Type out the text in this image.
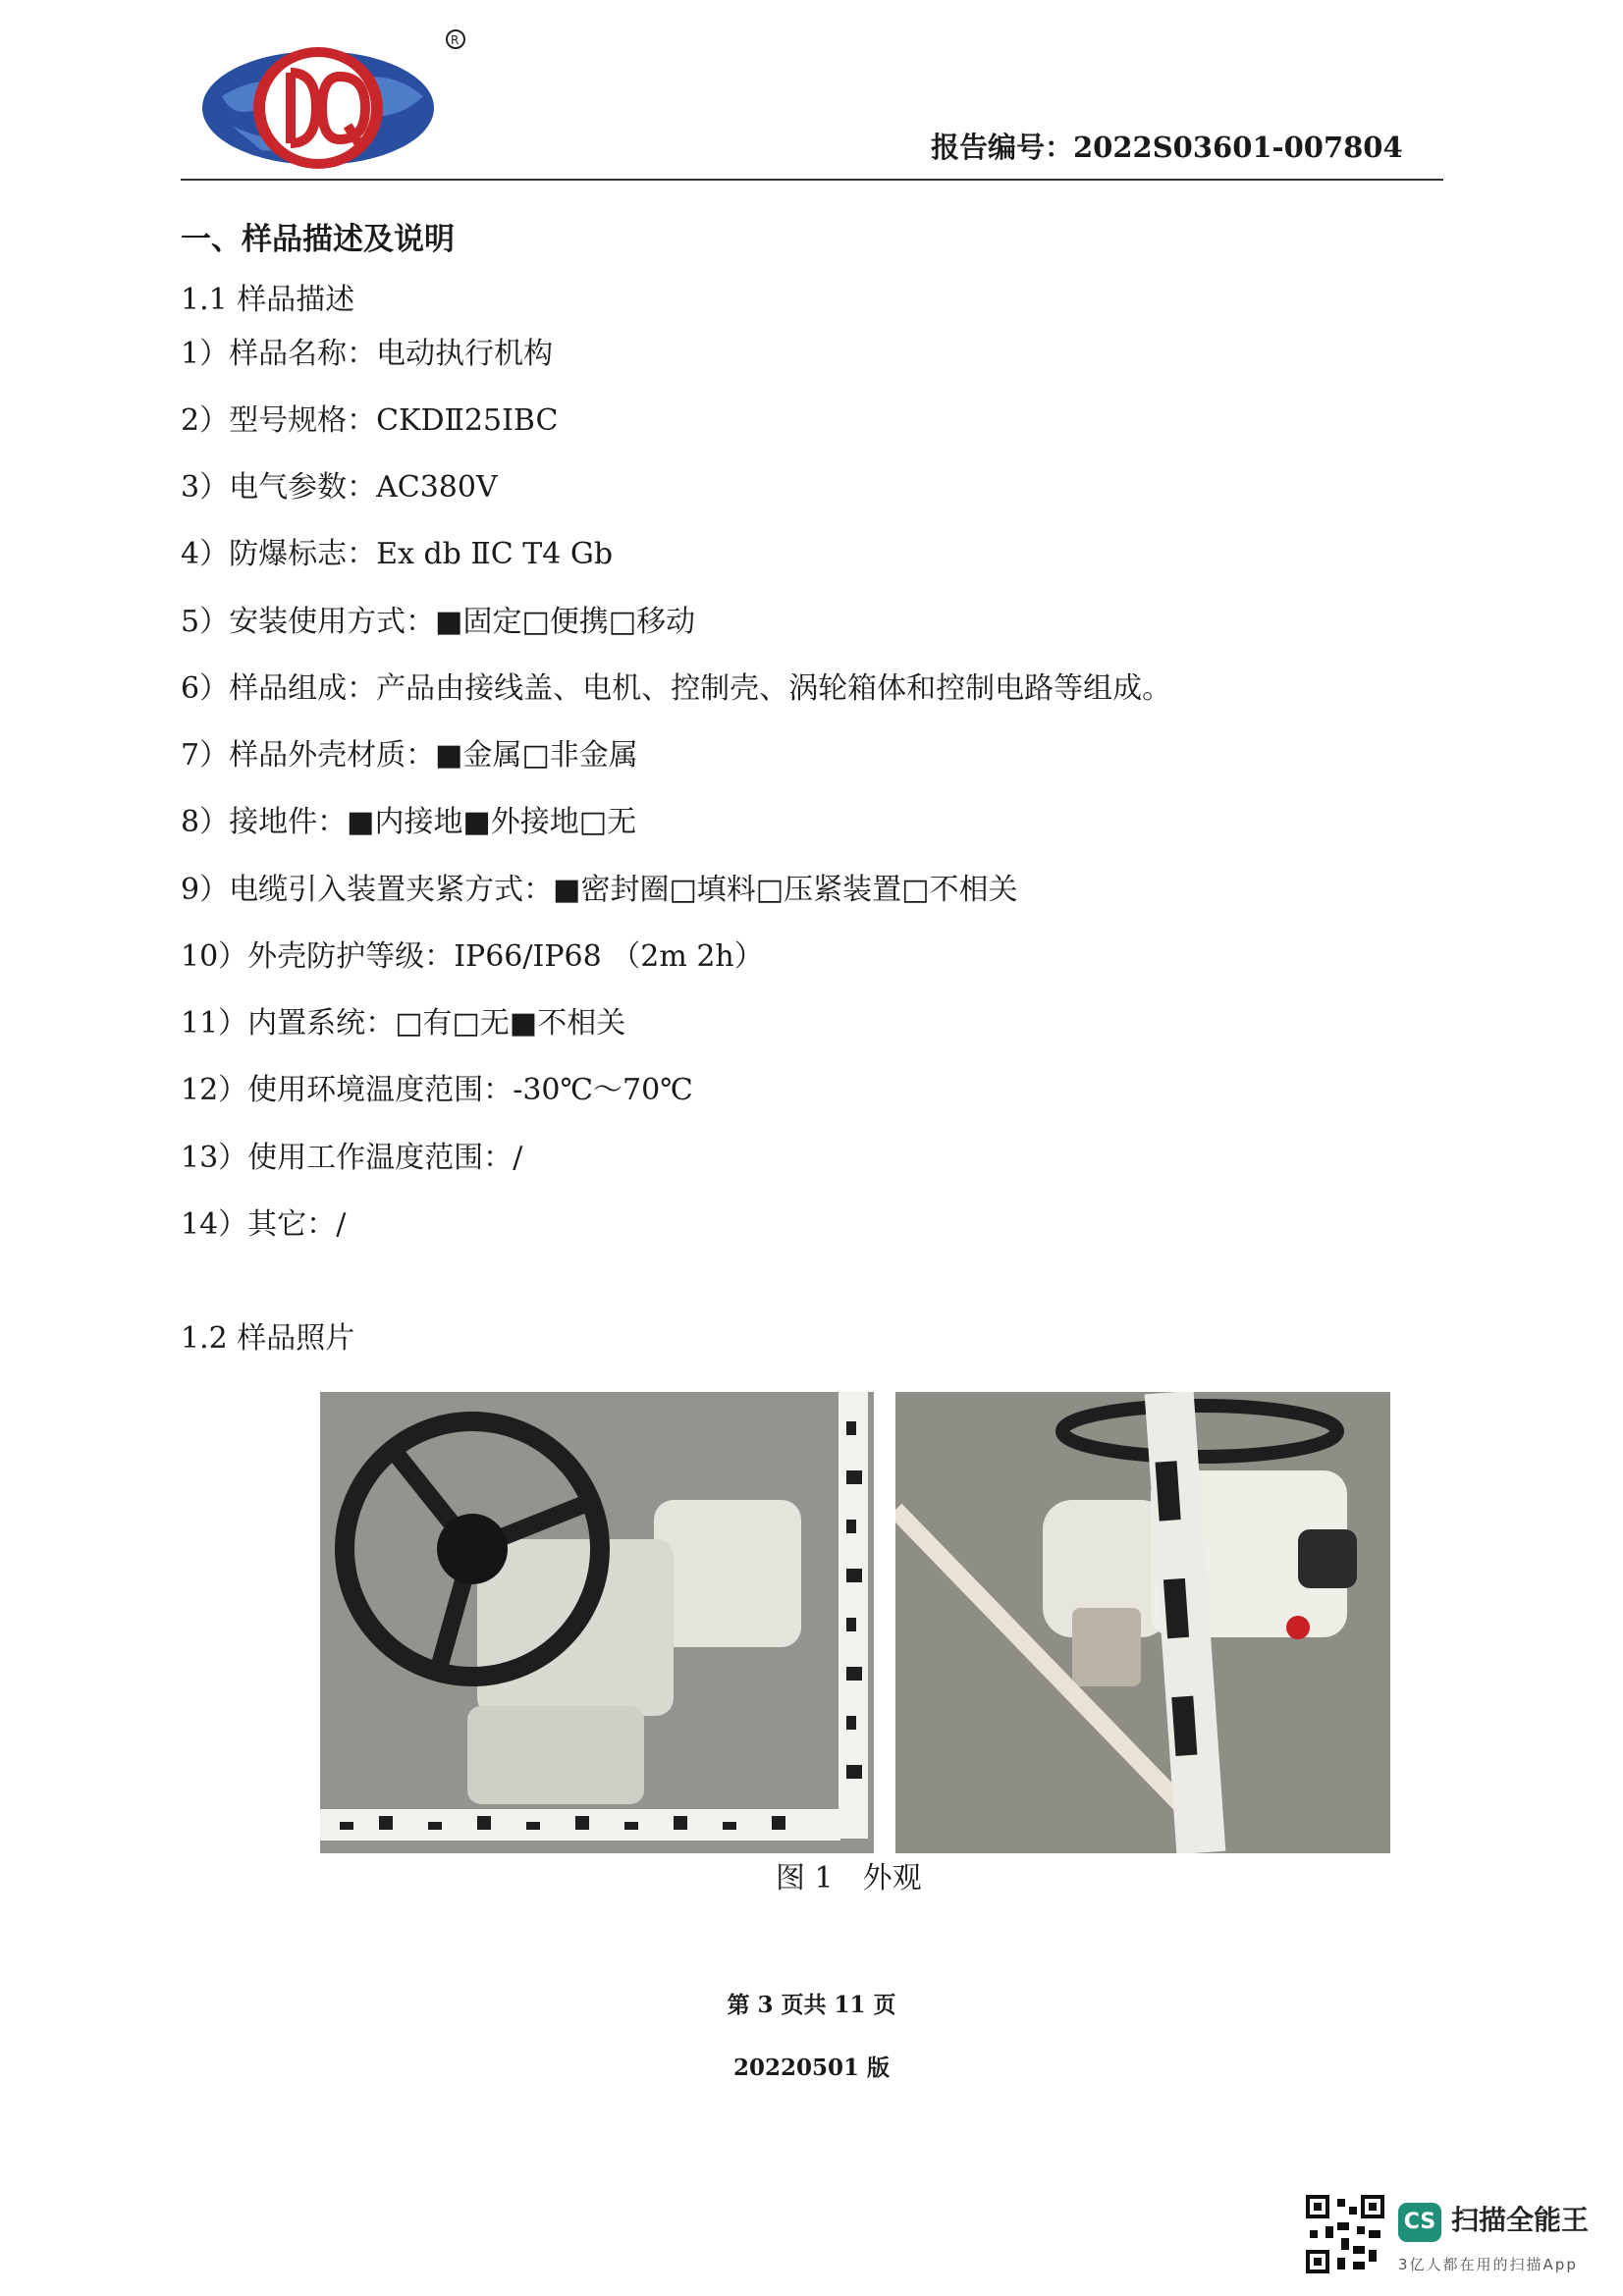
R
报告编号：2022S03601-007804
一、样品描述及说明
1.1 样品描述
1）样品名称：电动执行机构
2）型号规格：CKDⅡ25ⅠBC
3）电气参数：AC380V
4）防爆标志：Ex db ⅡC T4 Gb
5）安装使用方式：■固定□便携□移动
6）样品组成：产品由接线盖、电机、控制壳、涡轮箱体和控制电路等组成。
7）样品外壳材质：■金属□非金属
8）接地件：■内接地■外接地□无
9）电缆引入装置夹紧方式：■密封圈□填料□压紧装置□不相关
10）外壳防护等级：IP66/IP68 （2m 2h）
11）内置系统：□有□无■不相关
12）使用环境温度范围：-30℃～70℃
13）使用工作温度范围：/
14）其它：/
1.2 样品照片
图 1　外观
第 3 页共 11 页
20220501 版
CS 扫描全能王
3亿人都在用的扫描App
